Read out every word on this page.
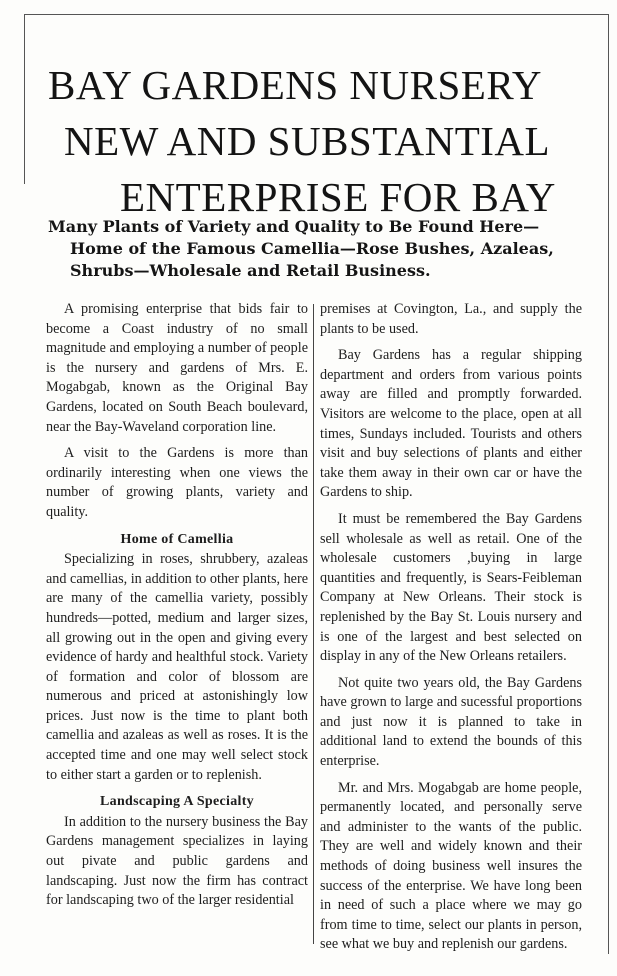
BAY GARDENS NURSERY
NEW AND SUBSTANTIAL
ENTERPRISE FOR BAY
Many Plants of Variety and Quality to Be Found Here—
Home of the Famous Camellia—Rose Bushes, Azaleas,
Shrubs—Wholesale and Retail Business.

A promising enterprise that bids fair to become a Coast industry of no small magnitude and employing a number of people is the nursery and gardens of Mrs. E. Mogabgab, known as the Original Bay Gardens, located on South Beach boulevard, near the Bay-Waveland corporation line.

A visit to the Gardens is more than ordinarily interesting when one views the number of growing plants, variety and quality.

Home of Camellia

Specializing in roses, shrubbery, azaleas and camellias, in addition to other plants, here are many of the camellia variety, possibly hundreds—potted, medium and larger sizes, all growing out in the open and giving every evidence of hardy and healthful stock. Variety of formation and color of blossom are numerous and priced at astonishingly low prices. Just now is the time to plant both camellia and azaleas as well as roses. It is the accepted time and one may well select stock to either start a garden or to replenish.

Landscaping A Specialty

In addition to the nursery business the Bay Gardens management specializes in laying out pivate and public gardens and landscaping. Just now the firm has contract for landscaping two of the larger residential

premises at Covington, La., and supply the plants to be used.

Bay Gardens has a regular shipping department and orders from various points away are filled and promptly forwarded. Visitors are welcome to the place, open at all times, Sundays included. Tourists and others visit and buy selections of plants and either take them away in their own car or have the Gardens to ship.

It must be remembered the Bay Gardens sell wholesale as well as retail. One of the wholesale customers ,buying in large quantities and frequently, is Sears-Feibleman Company at New Orleans. Their stock is replenished by the Bay St. Louis nursery and is one of the largest and best selected on display in any of the New Orleans retailers.

Not quite two years old, the Bay Gardens have grown to large and sucessful proportions and just now it is planned to take in additional land to extend the bounds of this enterprise.

Mr. and Mrs. Mogabgab are home people, permanently located, and personally serve and administer to the wants of the public. They are well and widely known and their methods of doing business well insures the success of the enterprise. We have long been in need of such a place where we may go from time to time, select our plants in person, see what we buy and replenish our gardens.
